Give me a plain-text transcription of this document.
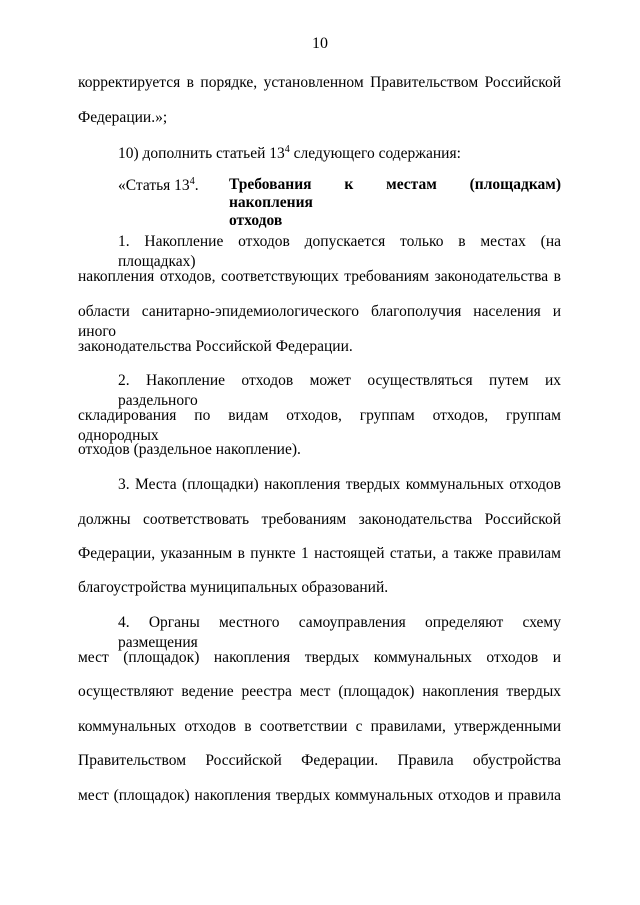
10
корректируется в порядке, установленном Правительством Российской
Федерации.»;
10) дополнить статьей $13^4$ следующего содержания:
«Статья $13^4$. Требования к местам (площадкам) накопления
отходов
1. Накопление отходов допускается только в местах (на площадках)
накопления отходов, соответствующих требованиям законодательства в
области санитарно-эпидемиологического благополучия населения и иного
законодательства Российской Федерации.
2. Накопление отходов может осуществляться путем их раздельного
складирования по видам отходов, группам отходов, группам однородных
отходов (раздельное накопление).
3. Места (площадки) накопления твердых коммунальных отходов
должны соответствовать требованиям законодательства Российской
Федерации, указанным в пункте 1 настоящей статьи, а также правилам
благоустройства муниципальных образований.
4. Органы местного самоуправления определяют схему размещения
мест (площадок) накопления твердых коммунальных отходов и
осуществляют ведение реестра мест (площадок) накопления твердых
коммунальных отходов в соответствии с правилами, утвержденными
Правительством Российской Федерации. Правила обустройства
мест (площадок) накопления твердых коммунальных отходов и правила
